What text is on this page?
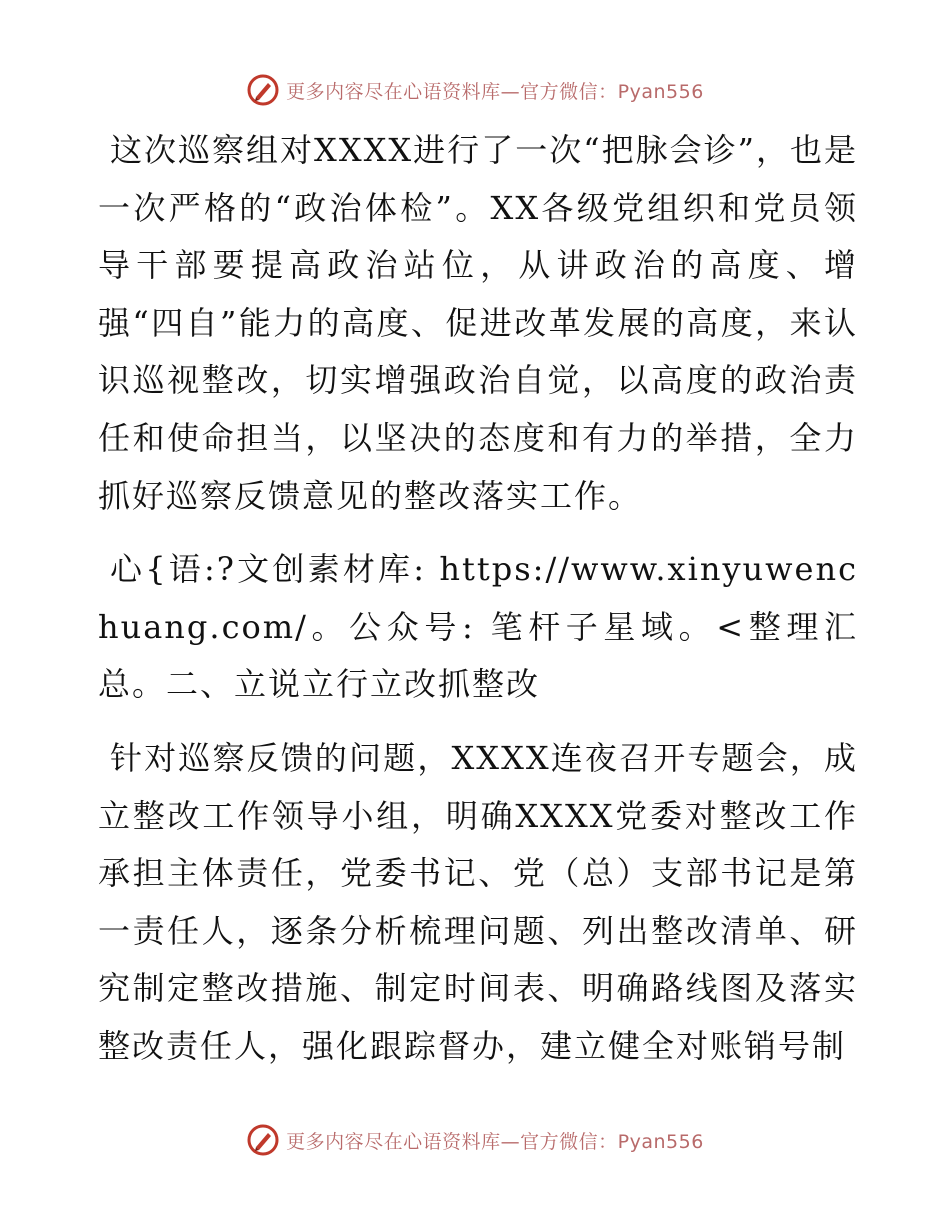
更多内容尽在心语资料库—官方微信：Pyan556

这次巡察组对XXXX进行了一次“把脉会诊”，也是一次严格的“政治体检”。XX各级党组织和党员领导干部要提高政治站位，从讲政治的高度、增强“四自”能力的高度、促进改革发展的高度，来认识巡视整改，切实增强政治自觉，以高度的政治责任和使命担当，以坚决的态度和有力的举措，全力抓好巡察反馈意见的整改落实工作。

心{语:?文创素材库: https://www.xinyuwenchuang.com/。公众号: 笔杆子星域。<整理汇总。二、立说立行立改抓整改

针对巡察反馈的问题，XXXX连夜召开专题会，成立整改工作领导小组，明确XXXX党委对整改工作承担主体责任，党委书记、党（总）支部书记是第一责任人，逐条分析梳理问题、列出整改清单、研究制定整改措施、制定时间表、明确路线图及落实整改责任人，强化跟踪督办，建立健全对账销号制

更多内容尽在心语资料库—官方微信：Pyan556
